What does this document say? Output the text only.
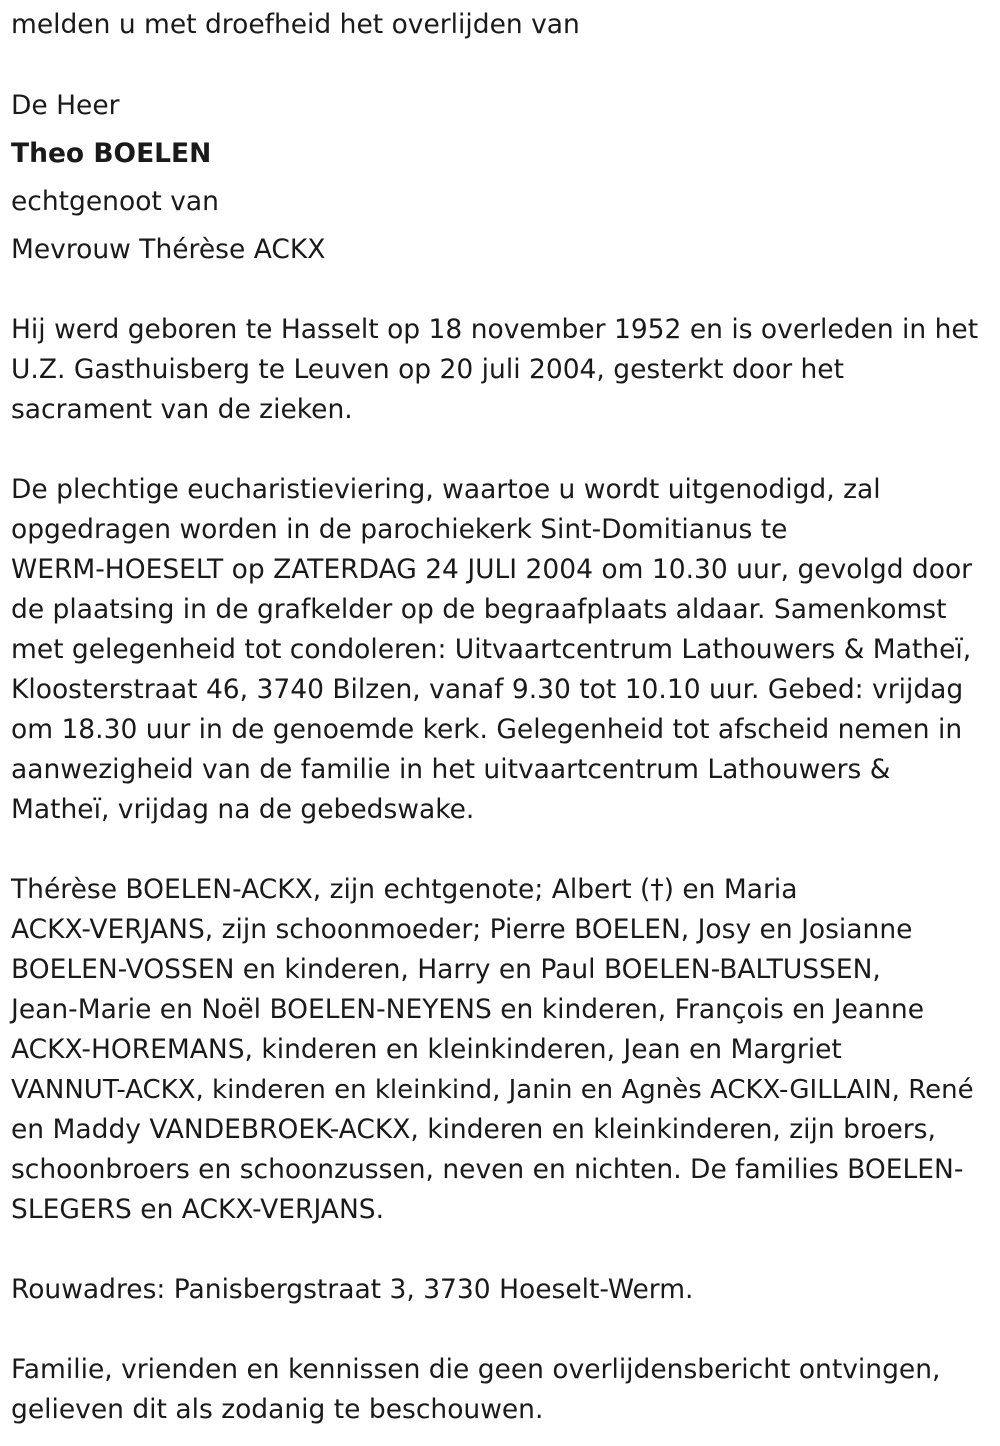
melden u met droefheid het overlijden van
De Heer
Theo BOELEN
echtgenoot van
Mevrouw Thérèse ACKX
Hij werd geboren te Hasselt op 18 november 1952 en is overleden in het
U.Z. Gasthuisberg te Leuven op 20 juli 2004, gesterkt door het
sacrament van de zieken.
De plechtige eucharistieviering, waartoe u wordt uitgenodigd, zal
opgedragen worden in de parochiekerk Sint-Domitianus te
WERM-HOESELT op ZATERDAG 24 JULI 2004 om 10.30 uur, gevolgd door
de plaatsing in de grafkelder op de begraafplaats aldaar. Samenkomst
met gelegenheid tot condoleren: Uitvaartcentrum Lathouwers & Matheï,
Kloosterstraat 46, 3740 Bilzen, vanaf 9.30 tot 10.10 uur. Gebed: vrijdag
om 18.30 uur in de genoemde kerk. Gelegenheid tot afscheid nemen in
aanwezigheid van de familie in het uitvaartcentrum Lathouwers &
Matheï, vrijdag na de gebedswake.
Thérèse BOELEN-ACKX, zijn echtgenote; Albert (†) en Maria
ACKX-VERJANS, zijn schoonmoeder; Pierre BOELEN, Josy en Josianne
BOELEN-VOSSEN en kinderen, Harry en Paul BOELEN-BALTUSSEN,
Jean-Marie en Noël BOELEN-NEYENS en kinderen, François en Jeanne
ACKX-HOREMANS, kinderen en kleinkinderen, Jean en Margriet
VANNUT-ACKX, kinderen en kleinkind, Janin en Agnès ACKX-GILLAIN, René
en Maddy VANDEBROEK-ACKX, kinderen en kleinkinderen, zijn broers,
schoonbroers en schoonzussen, neven en nichten. De families BOELEN-
SLEGERS en ACKX-VERJANS.
Rouwadres: Panisbergstraat 3, 3730 Hoeselt-Werm.
Familie, vrienden en kennissen die geen overlijdensbericht ontvingen,
gelieven dit als zodanig te beschouwen.
